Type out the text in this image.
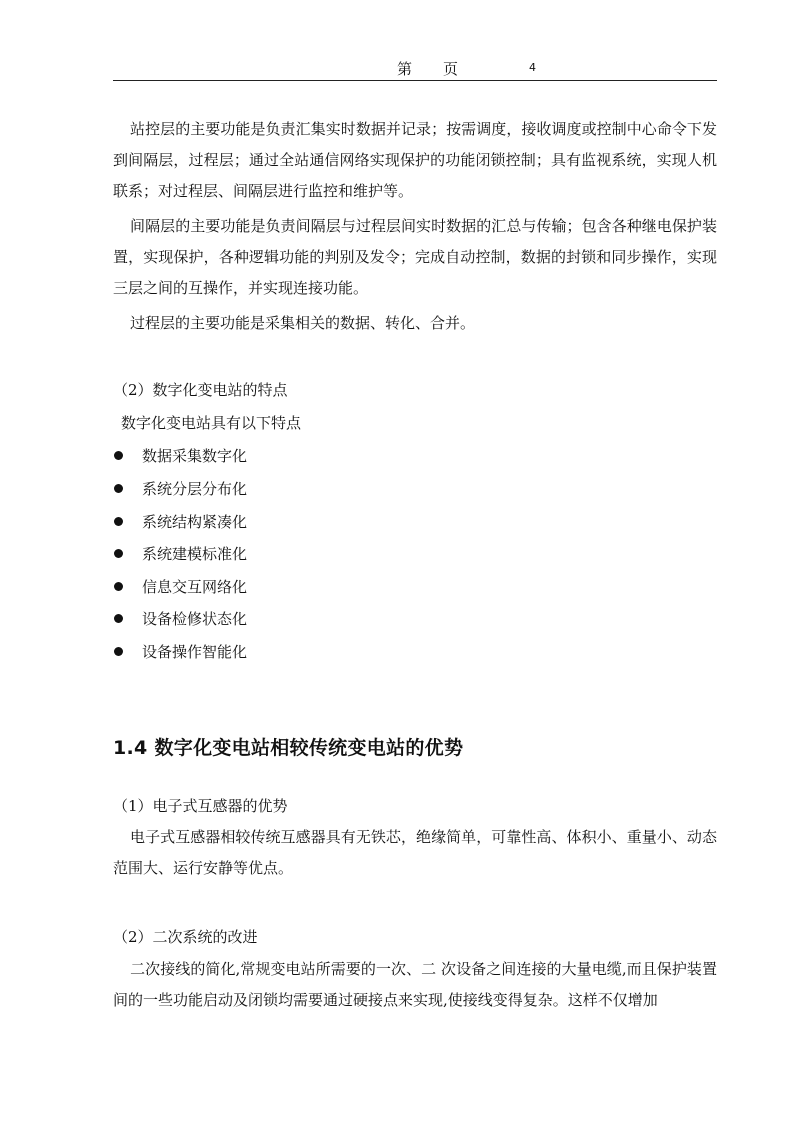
第 页	4
站控层的主要功能是负责汇集实时数据并记录；按需调度，接收调度或控制中心命令下发到间隔层，过程层；通过全站通信网络实现保护的功能闭锁控制；具有监视系统，实现人机联系；对过程层、间隔层进行监控和维护等。
间隔层的主要功能是负责间隔层与过程层间实时数据的汇总与传输；包含各种继电保护装置，实现保护，各种逻辑功能的判别及发令；完成自动控制，数据的封锁和同步操作，实现三层之间的互操作，并实现连接功能。
过程层的主要功能是采集相关的数据、转化、合并。
（2）数字化变电站的特点
数字化变电站具有以下特点
数据采集数字化
系统分层分布化
系统结构紧凑化
系统建模标准化
信息交互网络化
设备检修状态化
设备操作智能化
1.4 数字化变电站相较传统变电站的优势
（1）电子式互感器的优势
电子式互感器相较传统互感器具有无铁芯，绝缘简单，可靠性高、体积小、重量小、动态范围大、运行安静等优点。
（2）二次系统的改进
二次接线的简化,常规变电站所需要的一次、二 次设备之间连接的大量电缆,而且保护装置间的一些功能启动及闭锁均需要通过硬接点来实现,使接线变得复杂。这样不仅增加
